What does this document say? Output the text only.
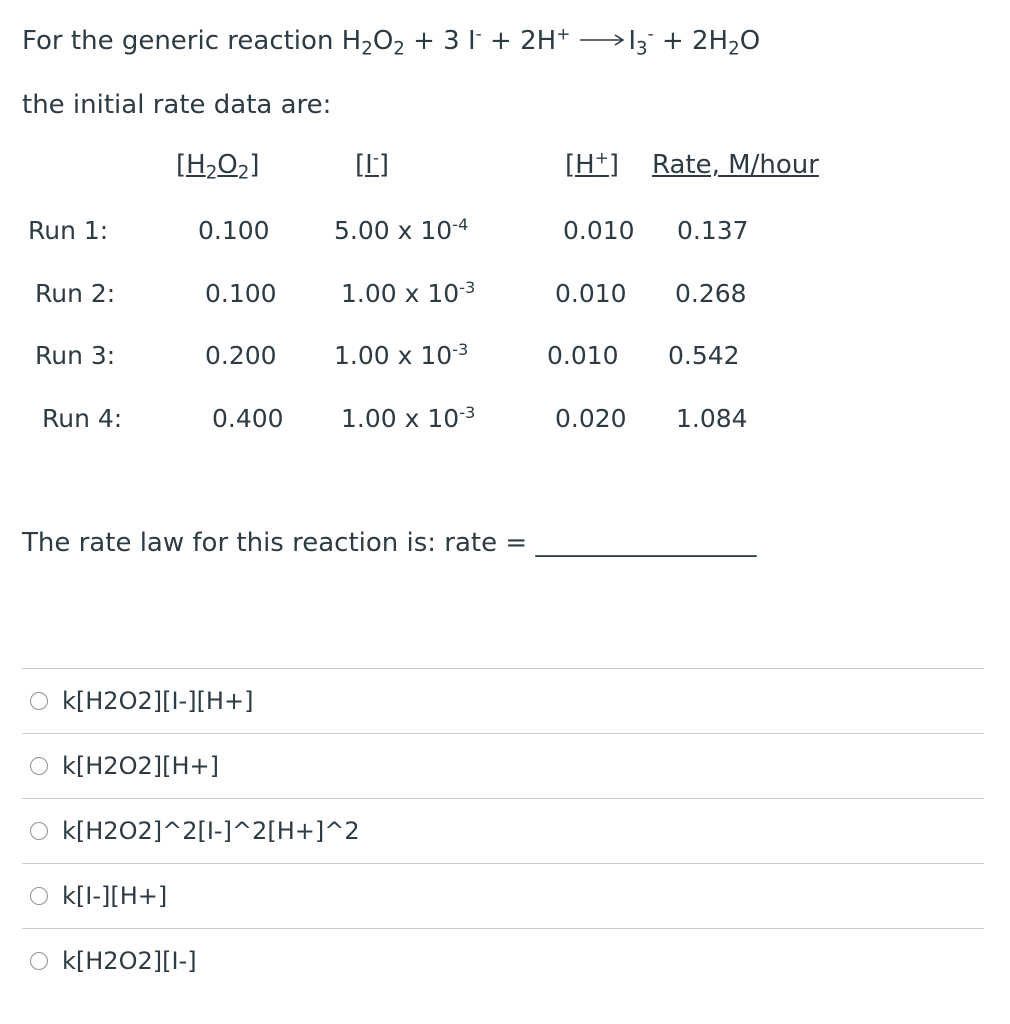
For the generic reaction $H_2O_2 + 3$ $I^- + 2H^+ \to I_3^- + 2H_2O$
the initial rate data are:
$[H_2O_2]$	[I-]	[H+] Rate, M/hour
Run 1:	0.100	5.00 x $10^{-4}$	0.010 0.137
Run 2:	0.100	1.00 x $10^{-3}$	0.010 0.268
Run 3:	0.200 1.00 x $10^{-3}$	0.010 0.542
Run 4:	0.400 1.00 x $10^{-3}$	0.020 1.084
The rate law for this reaction is: rate = _________________
k[H2O2][I-][H+]
k[H2O2][H+]
k[H2O2]^2[I-]^2[H+]^2
k[I-][H+]
k[H2O2][I-]
